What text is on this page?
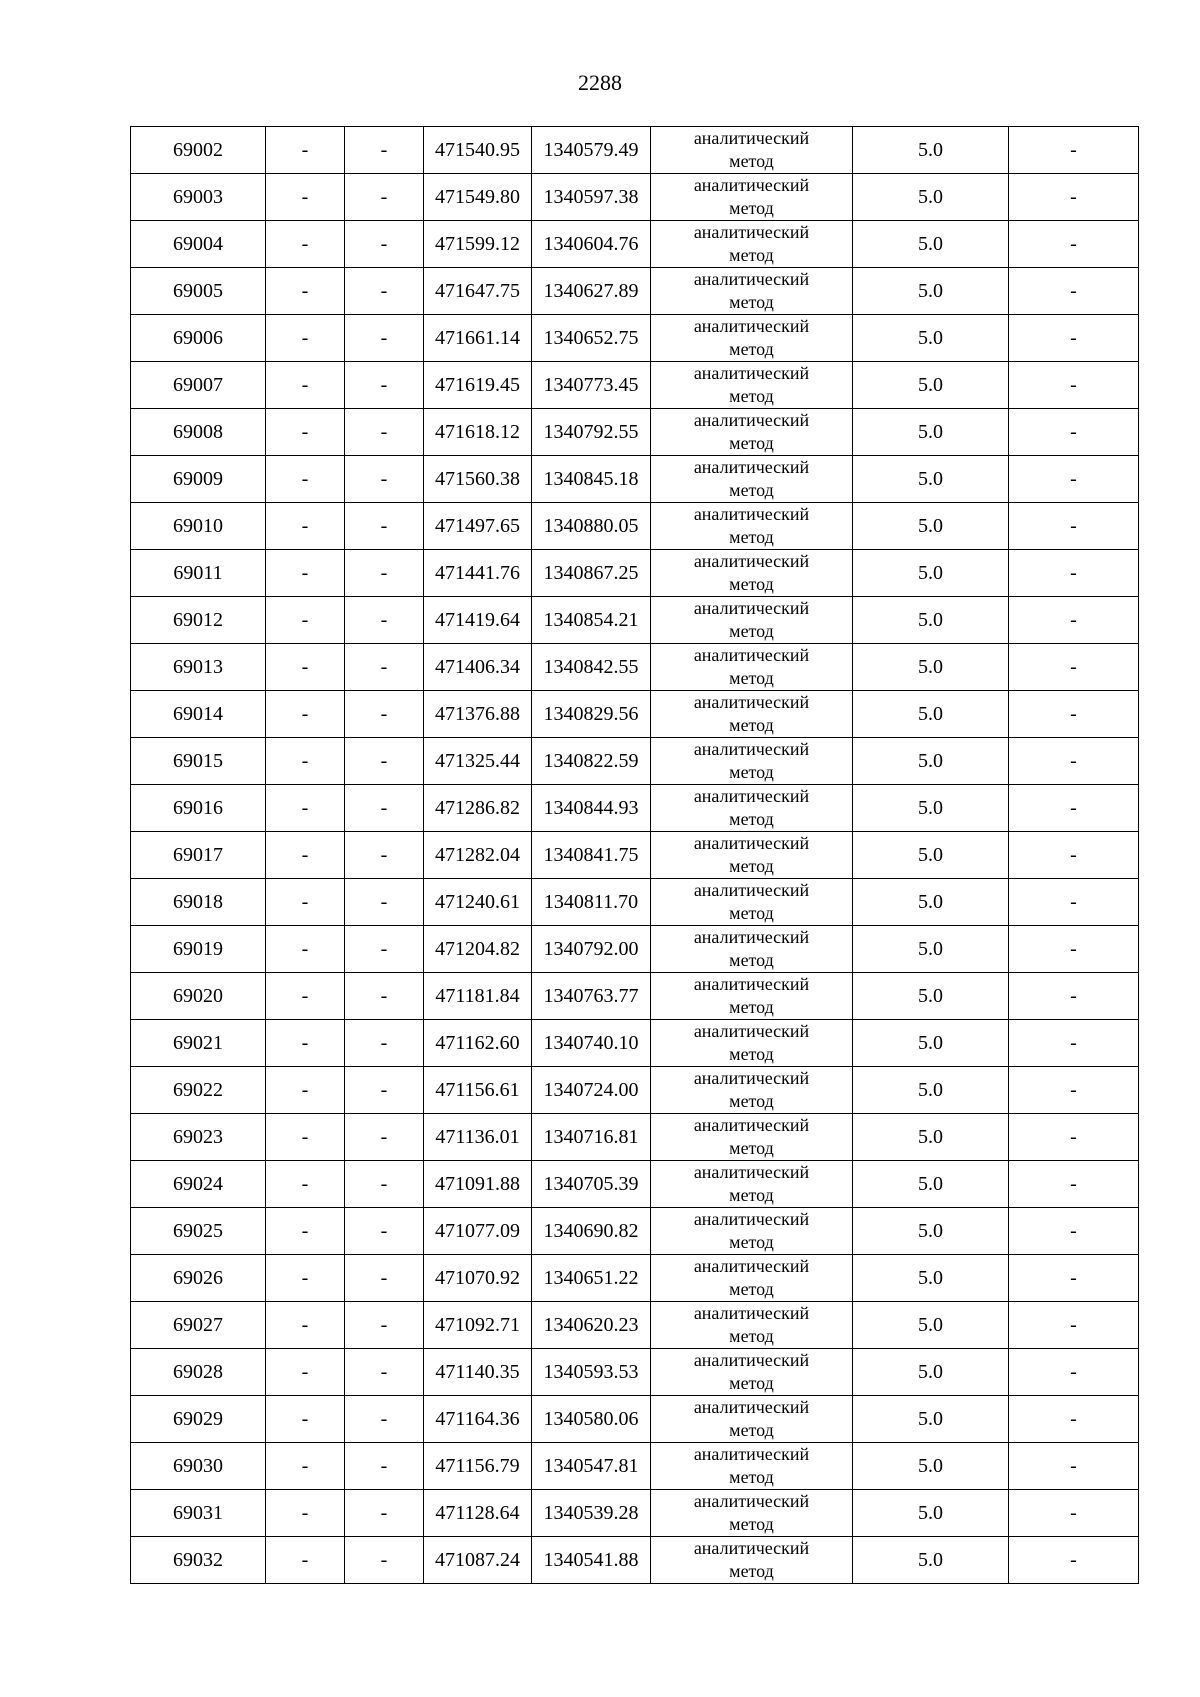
2288
69002	-	-	471540.95	1340579.49	аналитический
метод	5.0	-
69003	-	-	471549.80	1340597.38	аналитический
метод	5.0	-
69004	-	-	471599.12	1340604.76	аналитический
метод	5.0	-
69005	-	-	471647.75	1340627.89	аналитический
метод	5.0	-
69006	-	-	471661.14	1340652.75	аналитический
метод	5.0	-
69007	-	-	471619.45	1340773.45	аналитический
метод	5.0	-
69008	-	-	471618.12	1340792.55	аналитический
метод	5.0	-
69009	-	-	471560.38	1340845.18	аналитический
метод	5.0	-
69010	-	-	471497.65	1340880.05	аналитический
метод	5.0	-
69011	-	-	471441.76	1340867.25	аналитический
метод	5.0	-
69012	-	-	471419.64	1340854.21	аналитический
метод	5.0	-
69013	-	-	471406.34	1340842.55	аналитический
метод	5.0	-
69014	-	-	471376.88	1340829.56	аналитический
метод	5.0	-
69015	-	-	471325.44	1340822.59	аналитический
метод	5.0	-
69016	-	-	471286.82	1340844.93	аналитический
метод	5.0	-
69017	-	-	471282.04	1340841.75	аналитический
метод	5.0	-
69018	-	-	471240.61	1340811.70	аналитический
метод	5.0	-
69019	-	-	471204.82	1340792.00	аналитический
метод	5.0	-
69020	-	-	471181.84	1340763.77	аналитический
метод	5.0	-
69021	-	-	471162.60	1340740.10	аналитический
метод	5.0	-
69022	-	-	471156.61	1340724.00	аналитический
метод	5.0	-
69023	-	-	471136.01	1340716.81	аналитический
метод	5.0	-
69024	-	-	471091.88	1340705.39	аналитический
метод	5.0	-
69025	-	-	471077.09	1340690.82	аналитический
метод	5.0	-
69026	-	-	471070.92	1340651.22	аналитический
метод	5.0	-
69027	-	-	471092.71	1340620.23	аналитический
метод	5.0	-
69028	-	-	471140.35	1340593.53	аналитический
метод	5.0	-
69029	-	-	471164.36	1340580.06	аналитический
метод	5.0	-
69030	-	-	471156.79	1340547.81	аналитический
метод	5.0	-
69031	-	-	471128.64	1340539.28	аналитический
метод	5.0	-
69032	-	-	471087.24	1340541.88	аналитический
метод	5.0	-
